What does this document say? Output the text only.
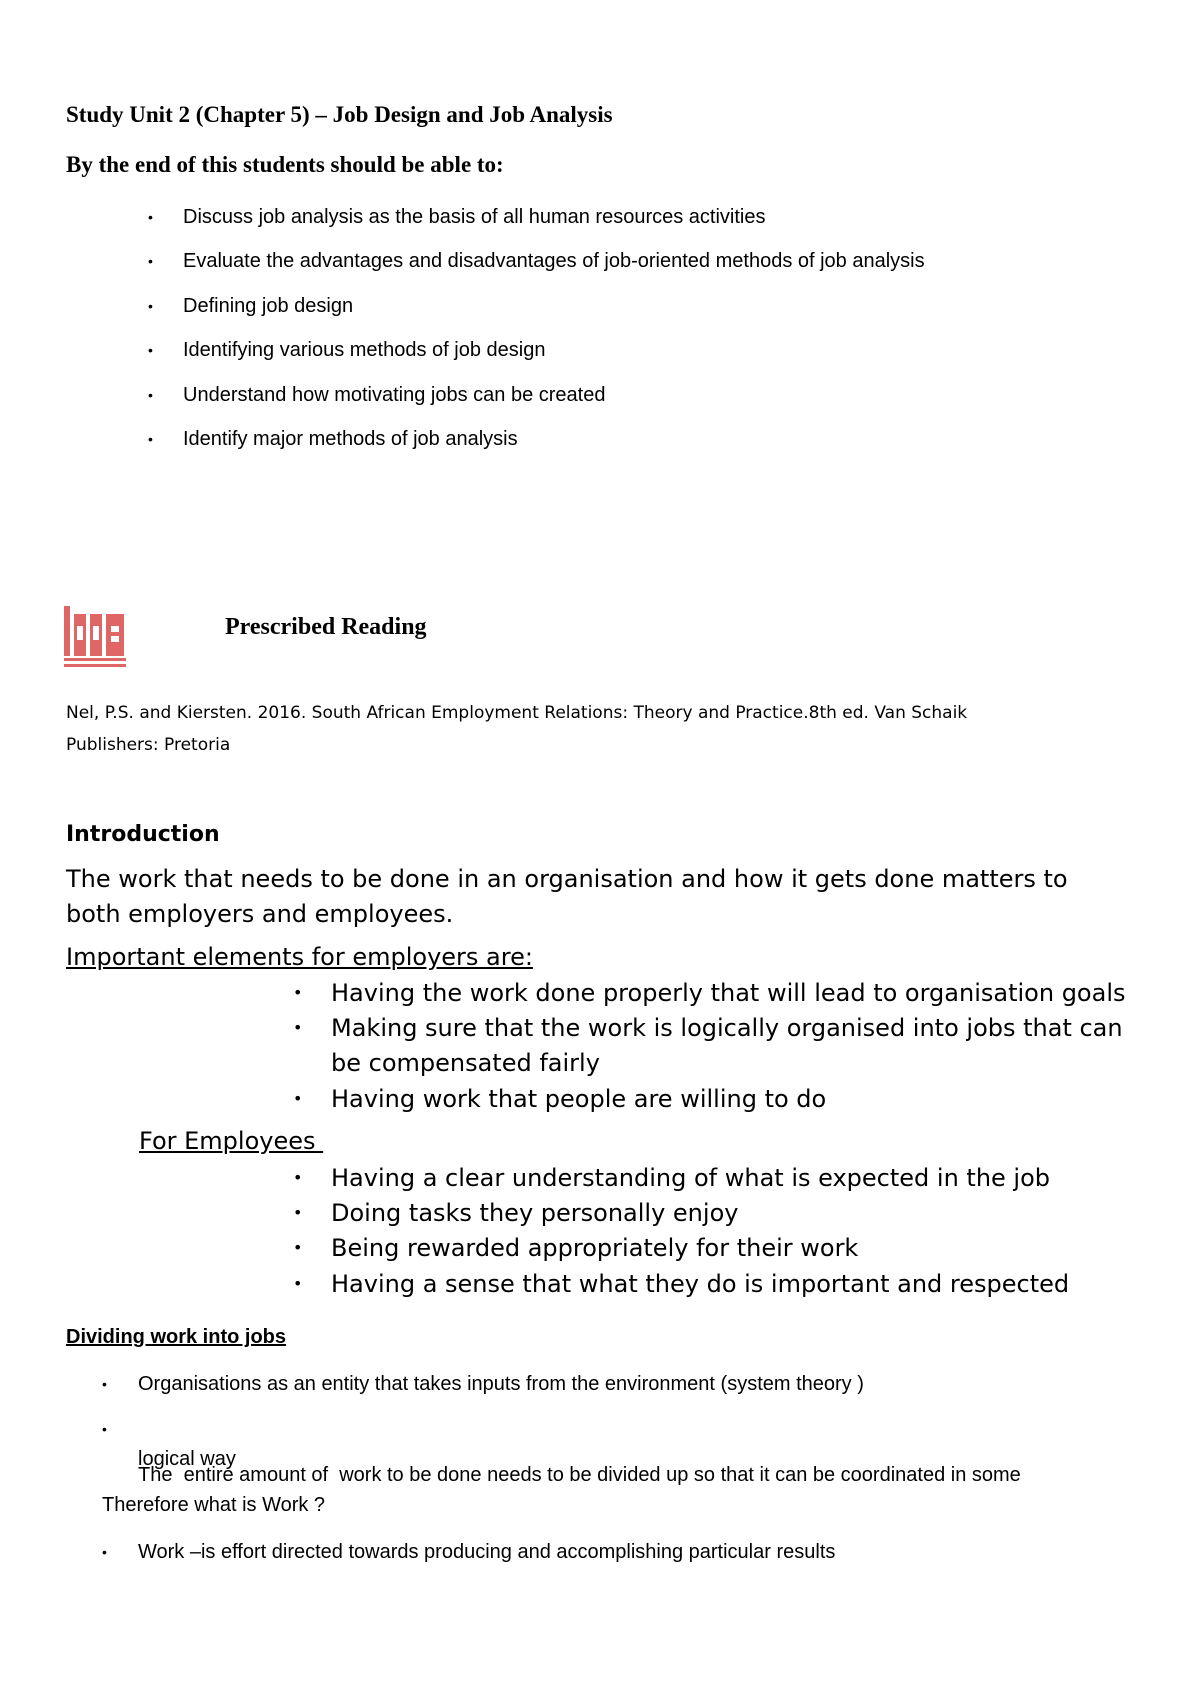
Study Unit 2 (Chapter 5) – Job Design and Job Analysis
By the end of this students should be able to:
• Discuss job analysis as the basis of all human resources activities
• Evaluate the advantages and disadvantages of job-oriented methods of job analysis
• Defining job design
• Identifying various methods of job design
• Understand how motivating jobs can be created
• Identify major methods of job analysis
Prescribed Reading
Nel, P.S. and Kiersten. 2016. South African Employment Relations: Theory and Practice.8th ed. Van Schaik
Publishers: Pretoria
Introduction
The work that needs to be done in an organisation and how it gets done matters to
both employers and employees.
Important elements for employers are:
• Having the work done properly that will lead to organisation goals
• Making sure that the work is logically organised into jobs that can
be compensated fairly
• Having work that people are willing to do
For Employees
• Having a clear understanding of what is expected in the job
• Doing tasks they personally enjoy
• Being rewarded appropriately for their work
• Having a sense that what they do is important and respected
Dividing work into jobs
• Organisations as an entity that takes inputs from the environment (system theory )

•

The  entire amount of  work to be done needs to be divided up so that it can be coordinated in some

logical way
Therefore what is Work ?
• Work –is effort directed towards producing and accomplishing particular results
